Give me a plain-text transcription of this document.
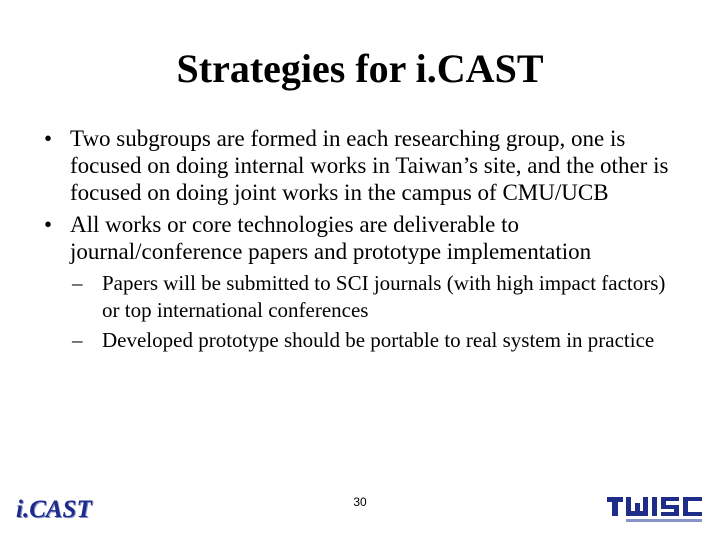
Strategies for i.CAST
• Two subgroups are formed in each researching group, one is focused on doing internal works in Taiwan’s site, and the other is focused on doing joint works in the campus of CMU/UCB
• All works or core technologies are deliverable to journal/conference papers and prototype implementation
– Papers will be submitted to SCI journals (with high impact factors) or top international conferences
– Developed prototype should be portable to real system in practice
i.CAST	30
